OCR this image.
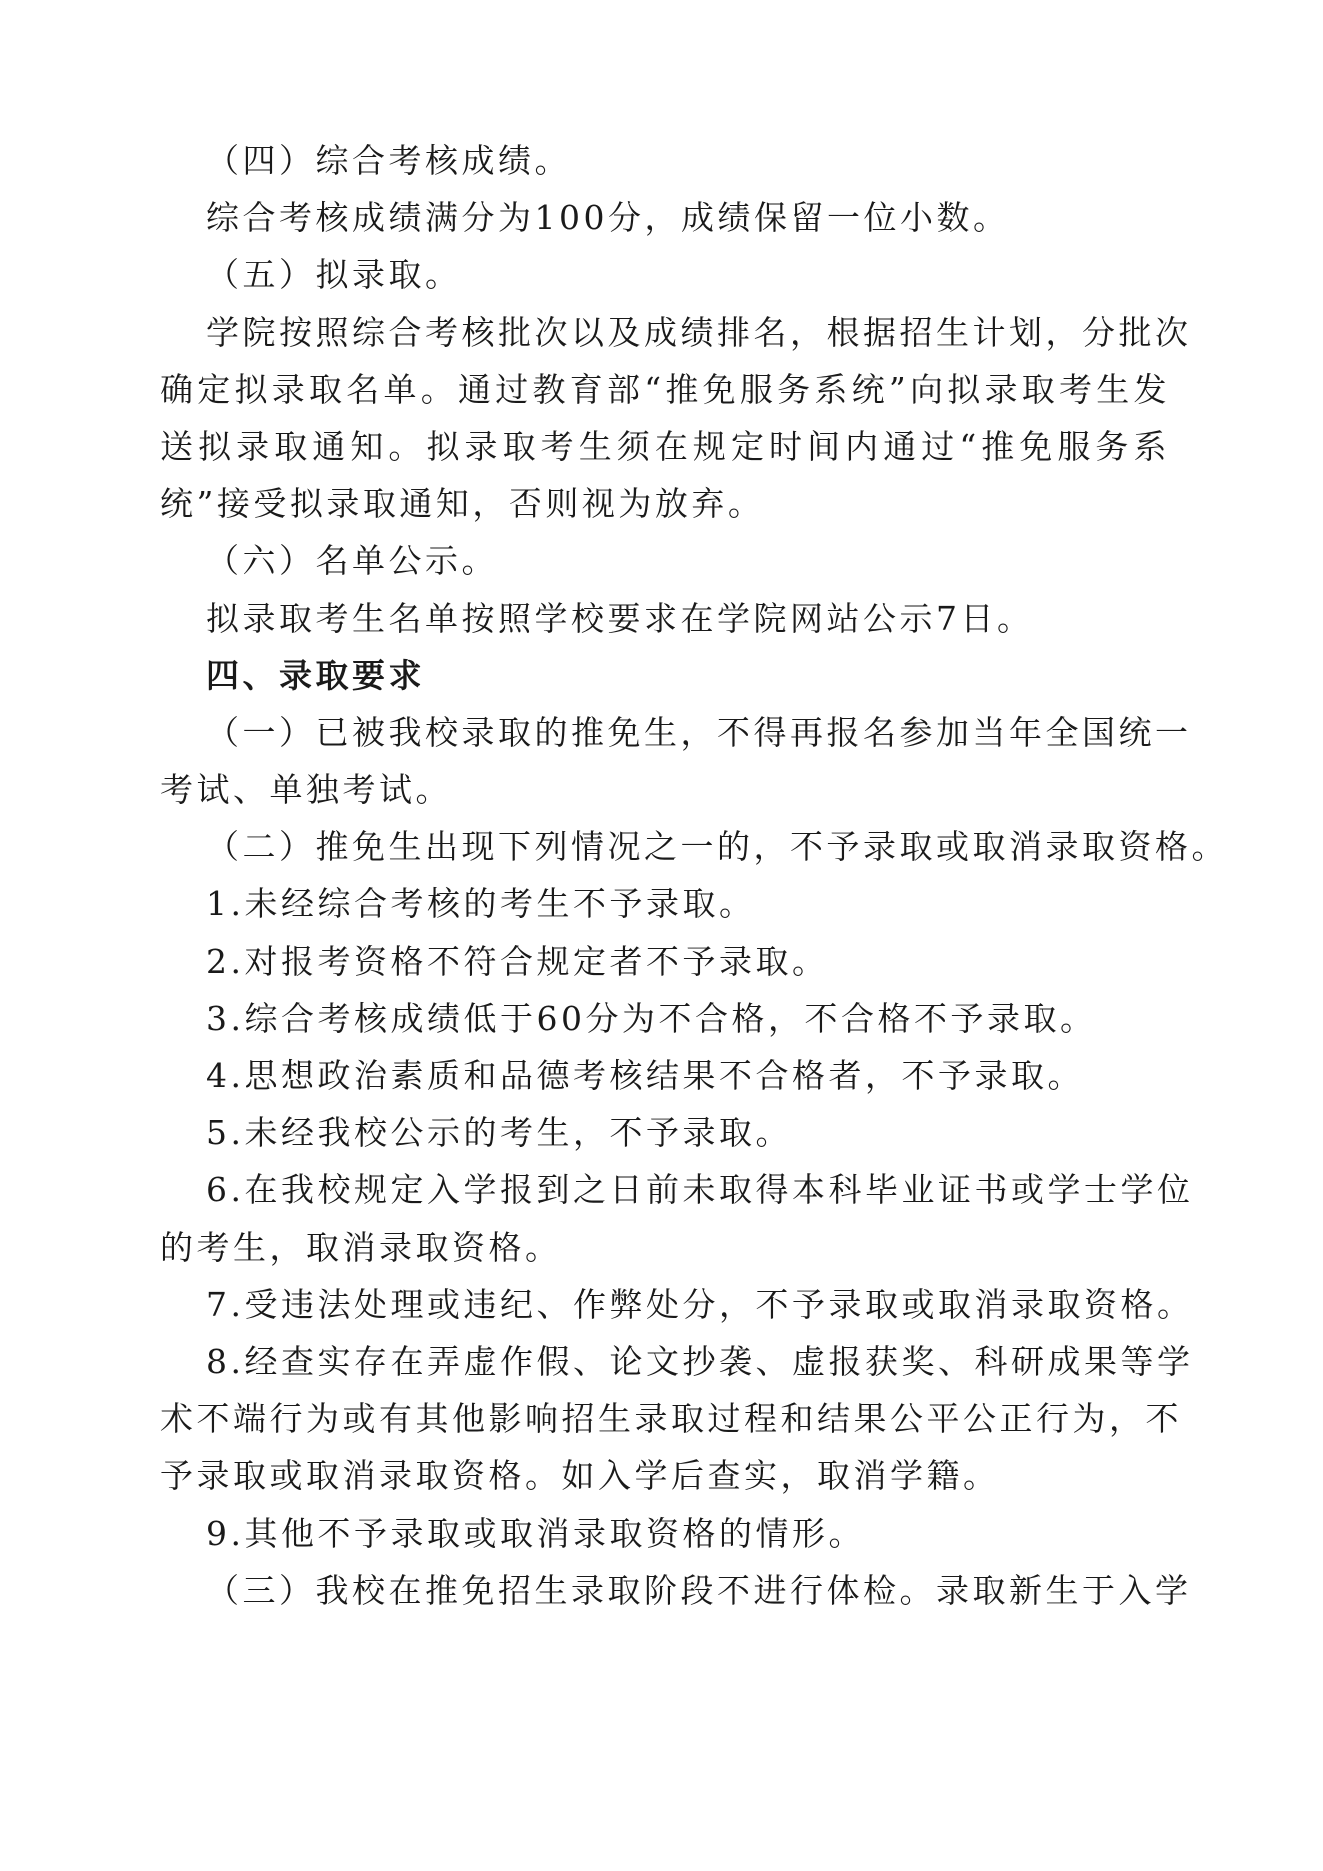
（四）综合考核成绩。
综合考核成绩满分为100分，成绩保留一位小数。
（五）拟录取。
学院按照综合考核批次以及成绩排名，根据招生计划，分批次
确定拟录取名单。通过教育部“推免服务系统”向拟录取考生发
送拟录取通知。拟录取考生须在规定时间内通过“推免服务系
统”接受拟录取通知，否则视为放弃。
（六）名单公示。
拟录取考生名单按照学校要求在学院网站公示7日。
四、录取要求
（一）已被我校录取的推免生，不得再报名参加当年全国统一
考试、单独考试。
（二）推免生出现下列情况之一的，不予录取或取消录取资格。
1.未经综合考核的考生不予录取。
2.对报考资格不符合规定者不予录取。
3.综合考核成绩低于60分为不合格，不合格不予录取。
4.思想政治素质和品德考核结果不合格者，不予录取。
5.未经我校公示的考生，不予录取。
6.在我校规定入学报到之日前未取得本科毕业证书或学士学位
的考生，取消录取资格。
7.受违法处理或违纪、作弊处分，不予录取或取消录取资格。
8.经查实存在弄虚作假、论文抄袭、虚报获奖、科研成果等学
术不端行为或有其他影响招生录取过程和结果公平公正行为，不
予录取或取消录取资格。如入学后查实，取消学籍。
9.其他不予录取或取消录取资格的情形。
（三）我校在推免招生录取阶段不进行体检。录取新生于入学
